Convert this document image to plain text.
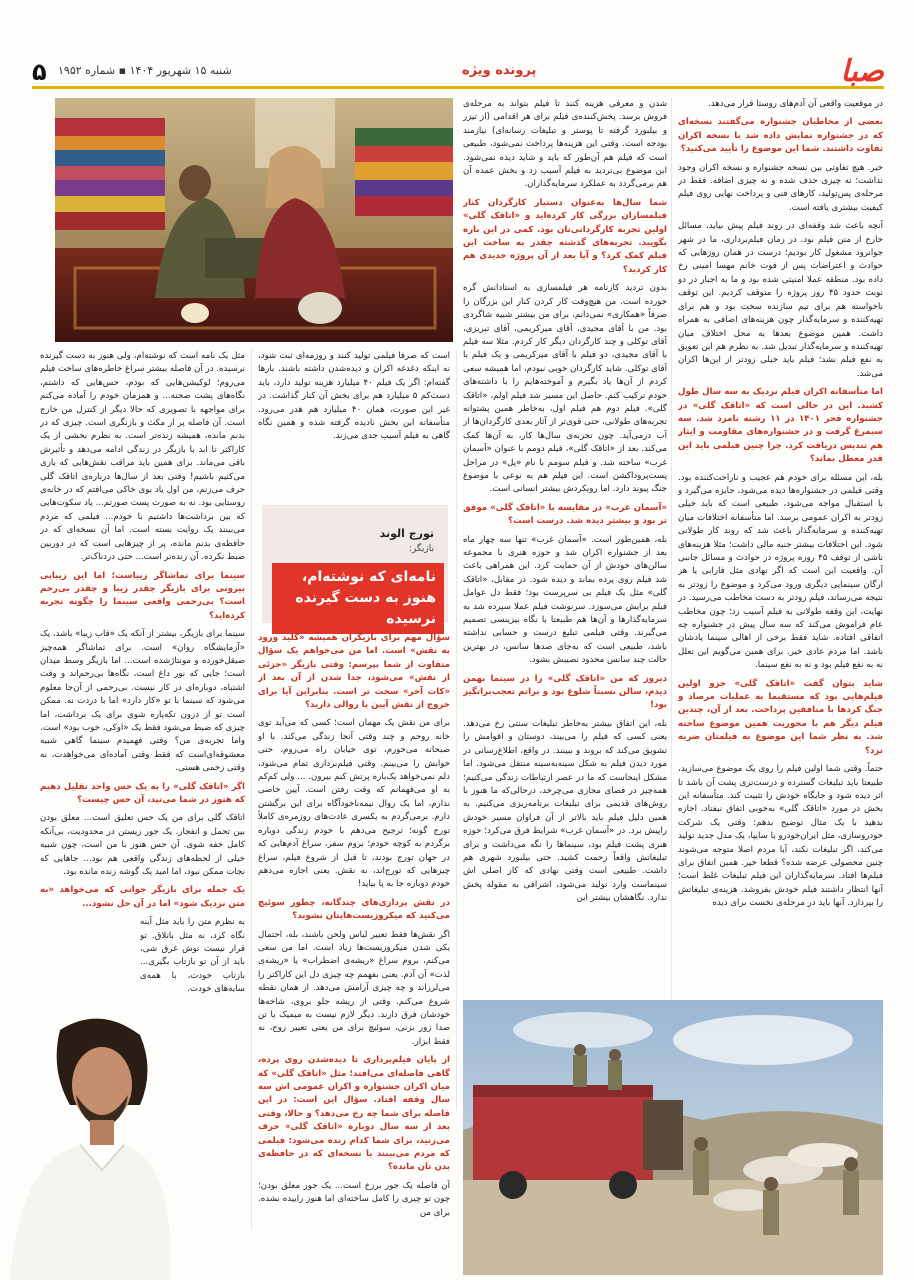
۵ شنبه ۱۵ شهریور ۱۴۰۴ ▪ شماره ۱۹۵۲	پرونده ویژه	صبا

در موقعیت واقعی آن آدم‌های روستا قرار می‌دهد.

بعضی از مخاطبان جشنواره می‌گفتند نسخه‌ای که در جشنواره نمایش داده شد با نسخه اکران تفاوت داشتند. شما این موضوع را تأیید می‌کنید؟

خیر. هیچ تفاوتی بین نسخه جشنواره و نسخه اکران وجود نداشت؛ نه چیزی حذف شده و نه چیزی اضافه. فقط در مرحله‌ی پس‌تولید، کارهای فنی و پرداخت نهایی روی فیلم کیفیت بیشتری یافته است.

آنچه باعث شد وقفه‌ای در روند فیلم پیش بیاید، مسائل خارج از متن فیلم بود. در زمان فیلم‌برداری، ما در شهر جوانرود مشغول کار بودیم؛ درست در همان روزهایی که حوادث و اعتراضات پس از فوت خانم مهسا امینی رخ داده بود. منطقه عملا امنیتی شده بود و ما به اجبار در دو نوبت حدود ۴۵ روز پروژه را متوقف کردیم. این توقف ناخواسته هم برای تیم سازنده سخت بود و هم برای تهیه‌کننده و سرمایه‌گذار چون هزینه‌های اضافی به همراه داشت. همین موضوع بعدها به محل اختلاف میان تهیه‌کننده و سرمایه‌گذار تبدیل شد. به نظرم هم این تعویق به نفع فیلم نشد؛ فیلم باید خیلی زودتر از این‌ها اکران می‌شد.

اما متأسفانه اکران فیلم نزدیک به سه سال طول کشید. این در حالی است که «اتاقک گلی» در جشنواره فجر ۱۴۰۱ در ۱۱ رشته نامزد شد. سه سیمرغ گرفت و در جشنواره‌های مقاومت و ایثار هم تندیس دریافت کرد. چرا چنین فیلمی باید این قدر معطل بماند؟

بله، این مسئله برای خودم هم عجیب و ناراحت‌کننده بود. وقتی فیلمی در جشنواره‌ها دیده می‌شود، جایزه می‌گیرد و با استقبال مواجه می‌شود، طبیعی است که باید خیلی زودتر به اکران عمومی برسد. اما متأسفانه اختلافات میان تهیه‌کننده و سرمایه‌گذار باعث شد که روند کار طولانی شود. این اختلافات بیشتر جنبه مالی داشت؛ مثلا هزینه‌های ناشی از توقف ۴۵ روزه پروژه در حوادث و مسائل جانبی آن. واقعیت این است که اگر نهادی مثل فارابی یا هر ارگان سینمایی دیگری ورود می‌کرد و موضوع را زودتر به نتیجه می‌رساند، فیلم زودتر به دست مخاطب می‌رسید. در نهایت، این وقفه طولانی به فیلم آسیب زد؛ چون مخاطب عام فراموش می‌کند که سه سال پیش در جشنواره چه اتفاقی افتاده. شاید فقط برخی از اهالی سینما یادشان باشد. اما مردم عادی خیر. برای همین می‌گویم این تعلل نه به نفع فیلم بود و نه به نفع سینما.

شاید بتوان گفت «اتاقک گلی» جزو اولین فیلم‌هایی بود که مستقیما به عملیات مرصاد و جنگ کردها با منافقین پرداخت. بعد از آن، چندین فیلم دیگر هم با محوریت همین موضوع ساخته شد. به نظر شما این موضوع به فیلمتان ضربه نزد؟

حتماً. وقتی شما اولین فیلم را روی یک موضوع می‌سازید، طبیعتا باید تبلیغات گسترده و درست‌تری پشت آن باشد تا اثر دیده شود و جایگاه خودش را تثبیت کند. متأسفانه این بخش در مورد «اتاقک گلی» به‌خوبی اتفاق نیفتاد. اجازه بدهید با یک مثال توضیح بدهم: وقتی یک شرکت خودروسازی، مثل ایران‌خودرو یا سایپا، یک مدل جدید تولید می‌کند، اگر تبلیغات نکند، آیا مردم اصلا متوجه می‌شوند چنین محصولی عرضه شده؟ قطعا خیر. همین اتفاق برای فیلم‌ها افتاد. سرمایه‌گذاران این فیلم تبلیغات غلط است؛ آنها انتظار داشتند فیلم خودش بفروشد. هزینه‌ی تبلیغاتش را بپردازد. آنها باید در مرحله‌ی نخست برای دیده

شدن و معرفی هزینه کنند تا فیلم بتواند به مرحله‌ی فروش برسد. پخش‌کننده‌ی فیلم برای هر اقدامی (از تیزر و بیلبورد گرفته تا پوستر و تبلیغات رسانه‌ای) نیازمند بودجه است. وقتی این هزینه‌ها پرداخت نمی‌شود، طبیعی است که فیلم هم آن‌طور که باید و شاید دیده نمی‌شود. این موضوع بی‌تردید به فیلم آسیب زد و بخش عمده آن هم برمی‌گردد به عملکرد سرمایه‌گذاران.

شما سال‌ها به‌عنوان دستیار کارگردان کنار فیلمسازان بزرگی کار کرده‌اید و «اتاقک گلی» اولین تجربه کارگردانی‌تان بود. کمی در این باره بگویید. تجربه‌های گذشته چقدر به ساخت این فیلم کمک کرد؟ و آیا بعد از آن پروژه جدیدی هم کار کردید؟

بدون تردید کارنامه هر فیلمسازی به استادانش گره خورده است. من هیچ‌وقت کار کردن کنار این بزرگان را صرفاً «همکاری» نمی‌دانم، برای من بیشتر شبیه شاگردی بود. من با آقای مجیدی، آقای میرکریمی، آقای تبریزی، آقای توکلی و چند کارگردان دیگر کار کردم. مثلا سه فیلم با آقای مجیدی، دو فیلم با آقای میرکریمی و یک فیلم با آقای توکلی. شاید کارگردان خوبی نبودم، اما همیشه سعی کردم از آن‌ها یاد بگیرم و آموخته‌هایم را با داشته‌های خودم ترکیب کنم. حاصل این مسیر شد فیلم اولم، «اتاقک گلی». فیلم دوم هم فیلم اول، به‌خاطر همین پشتوانه تجربه‌های طولانی، حتی قوی‌تر از آثار بعدی کارگردان‌ها از آب درمی‌آید. چون تجربه‌ی سال‌ها کار، به آن‌ها کمک می‌کند. بعد از «اتاقک گلی»، فیلم دومم با عنوان «آسمان غرب» ساخته شد. و فیلم سومم با نام «پل» در مراحل پست‌پروداکشن است. این فیلم هم به نوعی با موضوع جنگ پیوند دارد. اما رویکردش بیشتر انسانی است.

«آسمان غرب» در مقایسه با «اتاقک گلی» موفق تر بود و بیشتر دیده شد. درست است؟

بله، همین‌طور است. «آسمان غرب» تنها سه چهار ماه بعد از جشنواره اکران شد و حوزه هنری با مجموعه سالن‌های خودش از آن حمایت کرد. این همراهی باعث شد فیلم روی پرده بماند و دیده شود. در مقابل، «اتاقک گلی» مثل یک فیلم بی سرپرست بود؛ فقط دل عوامل فیلم برایش می‌سوزد. سرنوشت فیلم عملا سپرده شد به سرمایه‌گذارها و آن‌ها هم طبیعتا با نگاه بیزینسی تصمیم می‌گیرند. وقتی فیلمی تبلیغ درست و حسابی نداشته باشد، طبیعی است که به‌جای صدها سانس، در بهترین حالت چند سانس محدود نصیبش بشود.

دیروز که من «اتاقک گلی» را در سینما بهمن دیدم، سالن نسبتاً شلوغ بود و براتم تعجب‌برانگیز بود!

بله، این اتفاق بیشتر به‌خاطر تبلیغات سنتی رخ می‌دهد. یعنی کسی که فیلم را می‌بیند، دوستان و اقوامش را تشویق می‌کند که بروند و ببینند. در واقع، اطلاع‌رسانی در مورد دیدن فیلم به شکل سینه‌به‌سینه منتقل می‌شود. اما مشکل اینجاست که ما در عصر ارتباطات زندگی می‌کنیم؛ همه‌چیز در فضای مجازی می‌چرخد، درحالی‌که ما هنوز با روش‌های قدیمی برای تبلیغات برنامه‌ریزی می‌کنیم. به همین دلیل فیلم باید بالاتر از آن فراوان مسیر خودش راپیش برد. در «آسمان غرب» شرایط فرق می‌کرد؛ حوزه هنری پشت فیلم بود، سینماها را نگه می‌داشت و برای تبلیغاتش واقعاً زحمت کشید. حتی بیلبورد شهری هم داشت. طبیعی است وقتی نهادی که کار اصلی اش سینماست وارد تولید می‌شود، اشرافی به مقوله پخش ندارد. نگاهشان بیشتر این

است که صرفا فیلمی تولید کنند و روزمه‌ای ثبت شود، نه اینکه دغدغه اکران و دیده‌شدن داشته باشند. بارها گفته‌ام: اگر یک فیلم ۴۰ میلیارد هزینه تولید دارد، باید دست‌کم ۵ میلیارد هم برای بخش آن کنار گذاشت. در غیر این صورت، همان ۴۰ میلیارد هم هدر می‌رود. متأسفانه این بخش نادیده گرفته شده و همین نگاه گاهی به فیلم آسیب جدی می‌زند.

تورج الوند
بازیگر:
نامه‌ای که نوشته‌ام، هنوز به دست گیرنده نرسیده

سؤال مهم برای بازیگران همیشه «کلید ورود به نقش» است. اما من می‌خواهم یک سؤال متفاوت از شما بپرسم: وقتی بازیگر «جزئی از نقش» می‌شود، جدا شدن از آن بعد از «کات آخر» سخت تر است. بنابراین آیا برای خروج از نقش آیین یا روالی دارید؟

برای من نقش یک مهمان است؛ کسی که می‌آید توی خانه روحم و چند وقتی آنجا زندگی می‌کند. با او صبحانه می‌خورم، توی خیابان راه می‌روم، حتی خوابش را می‌بینم. وقتی فیلم‌برداری تمام می‌شود، دلم نمی‌خواهد یک‌باره پرتش کنم بیرون. ... ولی کم‌کم به او می‌فهمانم که وقت رفتن است. آیین خاصی ندارم، اما یک روال نیمه‌ناخودآگاه برای این برگشتن دارم. برمی‌گردم به یکسری عادت‌های روزمره‌ی کاملاً تورج گونه؛ ترجیح می‌دهم با خودم زندگی دوباره برگردم به کوچه خودم؛ بروم سفر، سراغ آدم‌هایی که در جهان تورج بودند، تا قبل از شروع فیلم، سراغ چیزهایی که تورج‌اند، نه نقش. یعنی اجازه می‌دهم خودم دوباره جا به پا بیاید!

در نقش پردازی‌های چندگانه، چطور سوئیچ می‌کنید که میکروزیست‌هایتان نشوند؟

اگر نقش‌ها فقط تعبیر لباس ولحن باشند، بله، احتمال یکی شدن میکروزیست‌ها زیاد است. اما من سعی می‌کنم، بروم سراغ «ریشه‌ی اضطراب» یا «ریشه‌ی لذت» آن آدم. یعنی بفهمم چه چیزی دل این کاراکتر را می‌لرزاند و چه چیزی آرامش می‌دهد. از همان نقطه شروع می‌کنم. وقتی از ریشه جلو بروی، شاخه‌ها خودشان فرق دارند. دیگر لازم نیست به میمیک یا تن صدا زور بزنی، سوئیچ برای من یعنی تغییر روح، نه فقط ابزار.

از پایان فیلم‌برداری تا دیده‌شدن روی پرده، گاهی فاصله‌ای می‌افتد؛ مثل «اتاقک گلی» که میان اکران جشنواره و اکران عمومی اش سه سال وقفه افتاد. سؤال این است: در این فاصله برای شما چه رخ می‌دهد؟ و حالا، وقتی بعد از سه سال دوباره «اتاقک گلی» حرف می‌زنید، برای شما کدام زنده می‌شود: فیلمی که مردم می‌بینند یا نسخه‌ای که در حافظه‌ی بدن تان مانده؟

آن فاصله یک جور برزخ است... یک جور معلق بودن؛ چون تو چیزی را کامل ساخته‌ای اما هنوز زاییده نشده. برای من

مثل یک نامه است که نوشته‌ام، ولی هنوز به دست گیرنده نرسیده. در آن فاصله بیشتر سراغ خاطره‌های ساخت فیلم می‌روم؛ لوکیشن‌هایی که بودم، حس‌هایی که داشتم، نگاه‌های پشت صحنه... و همزمان خودم را آماده می‌کنم برای مواجهه با تصویری که حالا دیگر از کنترل من خارج است. آن فاصله پر از مکث و بازنگری است. چیزی که در بدنم مانده، همیشه زنده‌تر است. به نظرم بخشی از یک کاراکتر تا ابد با بازیگر در زندگی ادامه می‌دهد و تأثیرش باقی می‌ماند. برای همین باید مراقب نقش‌هایی که بازی می‌کنیم باشیم! وقتی بعد از سال‌ها درباره‌ی اتاقک گلی حرف می‌زنم، من اول یاد بوی خاکی می‌افتم که در خانه‌ی روستایی بود. نه به صورت پست صورتم... یاد سکوت‌هایی که بین برداشت‌ها داشتیم با خودم... فیلمی که مردم می‌بینند یک روایت بسته است. اما آن نسخه‌ای که در حافظه‌ی بدنم مانده، پر از چیزهایی است که در دوربین ضبط نکرده. آن زنده‌تر است... حتی دردناک‌تر.

سینما برای تماشاگر زیباست؛ اما این زیبایی بیرونی برای بازیگر چقدر زیبا و چقدر بی‌رحم است؟ بی‌رحمی واقعی سینما را چگونه تجربه کرده‌اید؟

سینما برای بازیگر، بیشتر از آنکه یک «قاب زیبا» باشد، یک «آزمایشگاه روان» است. برای تماشاگر همه‌چیز صیقل‌خورده و مونتاژشده است... اما بازیگر وسط میدان است؛ جایی که نور داغ است، نگاه‌ها بی‌رحم‌اند و وقت اشتباه، دوباره‌ای در کار نیست. بی‌رحمی از آن‌جا معلوم می‌شود که سینما با تو «کار دارد» اما با دردت نه. ممکن است تو از درون تکه‌پاره شوی برای یک برداشت، اما چیزی که ضبط می‌شود فقط یک «اوکی، خوب بود» است. واما تجربه‌ی من؟ وقتی فهمیدم سینما گاهی شبیه معشوقه‌ای‌است که فقط وقتی آماده‌ای می‌خواهدت، نه وقتی زخمی هستی.

اگر «اتاقک گلی» را به یک حس واحد تقلیل دهیم که هنوز در شما می‌تپد، آن حس چیست؟

اتاقک گلی برای من یک حس تعلیق است... معلق بودن بین تحمل و انفجار. یک جور زیستن در محدودیت، بی‌آنکه کامل خفه شوی. آن حس هنوز با من است، چون شبیه خیلی از لحظه‌های زندگی واقعی هم بود... جاهایی که نجات ممکن نبود، اما امید یک گوشه زنده مانده بود.

یک جمله برای بازیگر جوانی که می‌خواهد «به متن نزدیک شود» اما در آن حل نشود...

به نظرم متن را باید مثل آینه نگاه کرد، نه مثل باتلاق. تو قرار نیست توش غرق شی، باید از آن تو بازتاب بگیری... بازتاب خودت، با همه‌ی سایه‌های خودت.
